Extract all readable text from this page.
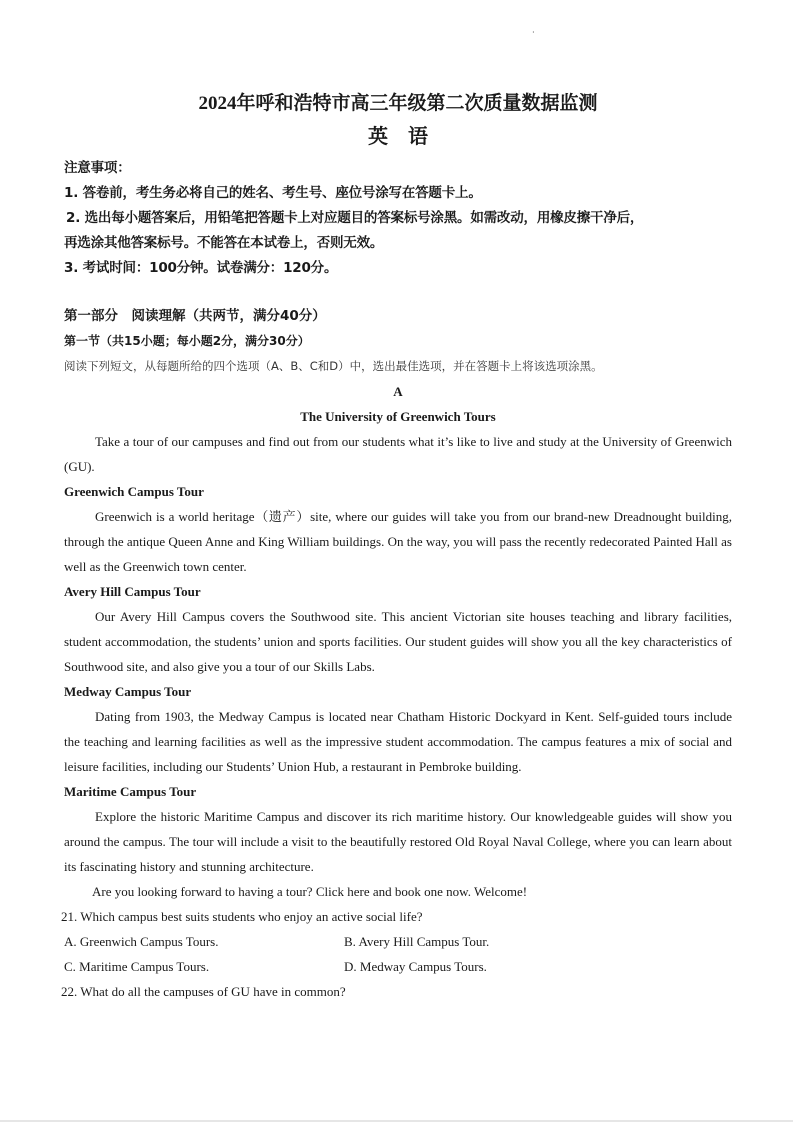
·
2024年呼和浩特市高三年级第二次质量数据监测
英　语

注意事项：

1. 答卷前，考生务必将自己的姓名、考生号、座位号涂写在答题卡上。

2. 选出每小题答案后，用铅笔把答题卡上对应题目的答案标号涂黑。如需改动，用橡皮擦干净后，

再选涂其他答案标号。不能答在本试卷上，否则无效。

3. 考试时间：100分钟。试卷满分：120分。

第一部分　阅读理解（共两节，满分40分）

第一节（共15小题；每小题2分，满分30分）

阅读下列短文，从每题所给的四个选项（A、B、C和D）中，选出最佳选项，并在答题卡上将该选项涂黑。

A

The University of Greenwich Tours

Take a tour of our campuses and find out from our students what it’s like to live and study at the University of Greenwich (GU).

Greenwich Campus Tour

Greenwich is a world heritage（遗产）site, where our guides will take you from our brand-new Dreadnought building, through the antique Queen Anne and King William buildings. On the way, you will pass the recently redecorated Painted Hall as well as the Greenwich town center.

Avery Hill Campus Tour

Our Avery Hill Campus covers the Southwood site. This ancient Victorian site houses teaching and library facilities, student accommodation, the students’ union and sports facilities. Our student guides will show you all the key characteristics of Southwood site, and also give you a tour of our Skills Labs.

Medway Campus Tour

Dating from 1903, the Medway Campus is located near Chatham Historic Dockyard in Kent. Self-guided tours include the teaching and learning facilities as well as the impressive student accommodation. The campus features a mix of social and leisure facilities, including our Students’ Union Hub, a restaurant in Pembroke building.

Maritime Campus Tour

Explore the historic Maritime Campus and discover its rich maritime history. Our knowledgeable guides will show you around the campus. The tour will include a visit to the beautifully restored Old Royal Naval College, where you can learn about its fascinating history and stunning architecture.

Are you looking forward to having a tour? Click here and book one now. Welcome!

21. Which campus best suits students who enjoy an active social life?

A. Greenwich Campus Tours.	B. Avery Hill Campus Tour.
C. Maritime Campus Tours.	D. Medway Campus Tours.

22. What do all the campuses of GU have in common?
